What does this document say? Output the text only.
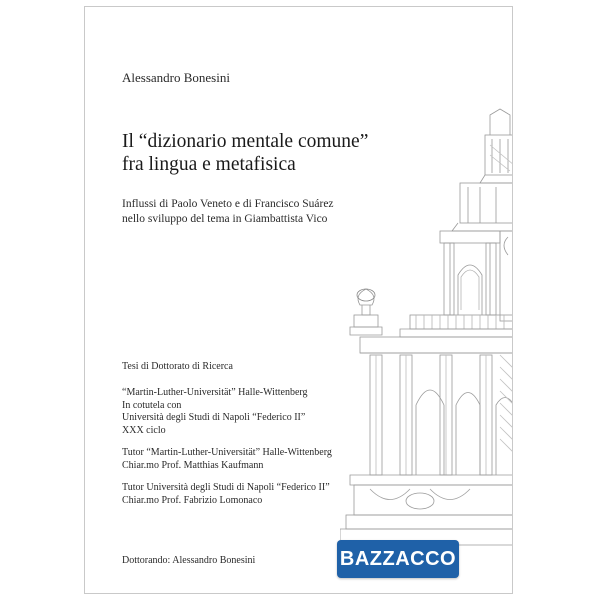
Alessandro Bonesini
Il “dizionario mentale comune”
fra lingua e metafisica
Influssi di Paolo Veneto e di Francisco Suárez
nello sviluppo del tema in Giambattista Vico
Tesi di Dottorato di Ricerca
“Martin-Luther-Universität” Halle-Wittenberg
In cotutela con
Università degli Studi di Napoli “Federico II”
XXX ciclo
Tutor “Martin-Luther-Universität” Halle-Wittenberg
Chiar.mo Prof. Matthias Kaufmann
Tutor Università degli Studi di Napoli “Federico II”
Chiar.mo Prof. Fabrizio Lomonaco
Dottorando: Alessandro Bonesini	BAZZACCO
